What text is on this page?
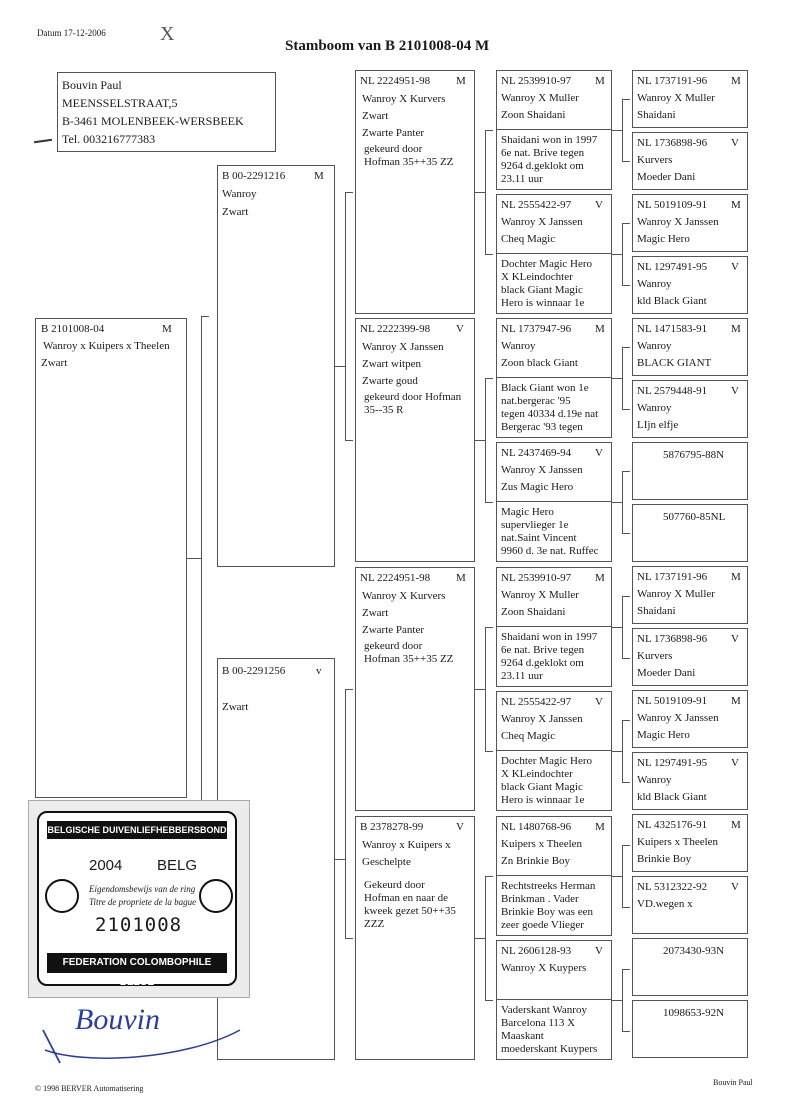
Datum 17-12-2006	X
Stamboom van B 2101008-04 M
Bouvin Paul
MEENSSELSTRAAT,5
B-3461 MOLENBEEK-WERSBEEK
Tel. 003216777383
B 2101008-04	M
Wanroy x Kuipers x Theelen
Zwart
B 00-2291216	M
Wanroy
Zwart
B 00-2291256	v
Zwart
NL 2224951-98 M
Wanroy X Kurvers
Zwart
Zwarte Panter
gekeurd door
Hofman 35++35 ZZ
NL 2222399-98 V
Wanroy X Janssen
Zwart witpen
Zwarte goud
gekeurd door Hofman
35--35 R
NL 2224951-98 M
Wanroy X Kurvers
Zwart
Zwarte Panter
gekeurd door
Hofman 35++35 ZZ
B 2378278-99	V
Wanroy x Kuipers x
Geschelpte
Gekeurd door
Hofman en naar de
kweek gezet 50++35
ZZZ
NL 2539910-97 M
Wanroy X Muller
Zoon Shaidani
Shaidani won in 1997
6e nat. Brive tegen
9264 d.geklokt om
23.11 uur
NL 2555422-97 V
Wanroy X Janssen
Cheq Magic
Dochter Magic Hero
X KLeindochter
black Giant Magic
Hero is winnaar 1e
NL 1737947-96 M
Wanroy
Zoon black Giant
Black Giant won 1e
nat.bergerac '95
tegen 40334 d.19e nat
Bergerac '93 tegen
NL 2437469-94 V
Wanroy X Janssen
Zus Magic Hero
Magic Hero
supervlieger 1e
nat.Saint Vincent
9960 d. 3e nat. Ruffec
NL 2539910-97 M
Wanroy X Muller
Zoon Shaidani
Shaidani won in 1997
6e nat. Brive tegen
9264 d.geklokt om
23.11 uur
NL 2555422-97 V
Wanroy X Janssen
Cheq Magic
Dochter Magic Hero
X KLeindochter
black Giant Magic
Hero is winnaar 1e
NL 1480768-96 M
Kuipers x Theelen
Zn Brinkie Boy
Rechtstreeks Herman
Brinkman . Vader
Brinkie Boy was een
zeer goede Vlieger
NL 2606128-93 V
Wanroy X Kuypers
Vaderskant Wanroy
Barcelona 113 X
Maaskant
moederskant Kuypers
NL 1737191-96 M
Wanroy X Muller
Shaidani
NL 1736898-96 V
Kurvers
Moeder Dani
NL 5019109-91 M
Wanroy X Janssen
Magic Hero
NL 1297491-95 V
Wanroy
kld Black Giant
NL 1471583-91 M
Wanroy
BLACK GIANT
NL 2579448-91 V
Wanroy
LIjn elfje
5876795-88N
507760-85NL
NL 1737191-96 M
Wanroy X Muller
Shaidani
NL 1736898-96 V
Kurvers
Moeder Dani
NL 5019109-91 M
Wanroy X Janssen
Magic Hero
NL 1297491-95 V
Wanroy
kld Black Giant
NL 4325176-91 M
Kuipers x Theelen
Brinkie Boy
NL 5312322-92 V
VD.wegen x
2073430-93N
1098653-92N
BELGISCHE DUIVENLIEFHEBBERSBOND
2004 BELG
Eigendomsbewijs van de ring
Titre de propriete de la bague
2101008
FEDERATION COLOMBOPHILE BELGE
Bouvin
© 1998 BERVER Automatisering
Bouvin Paul
